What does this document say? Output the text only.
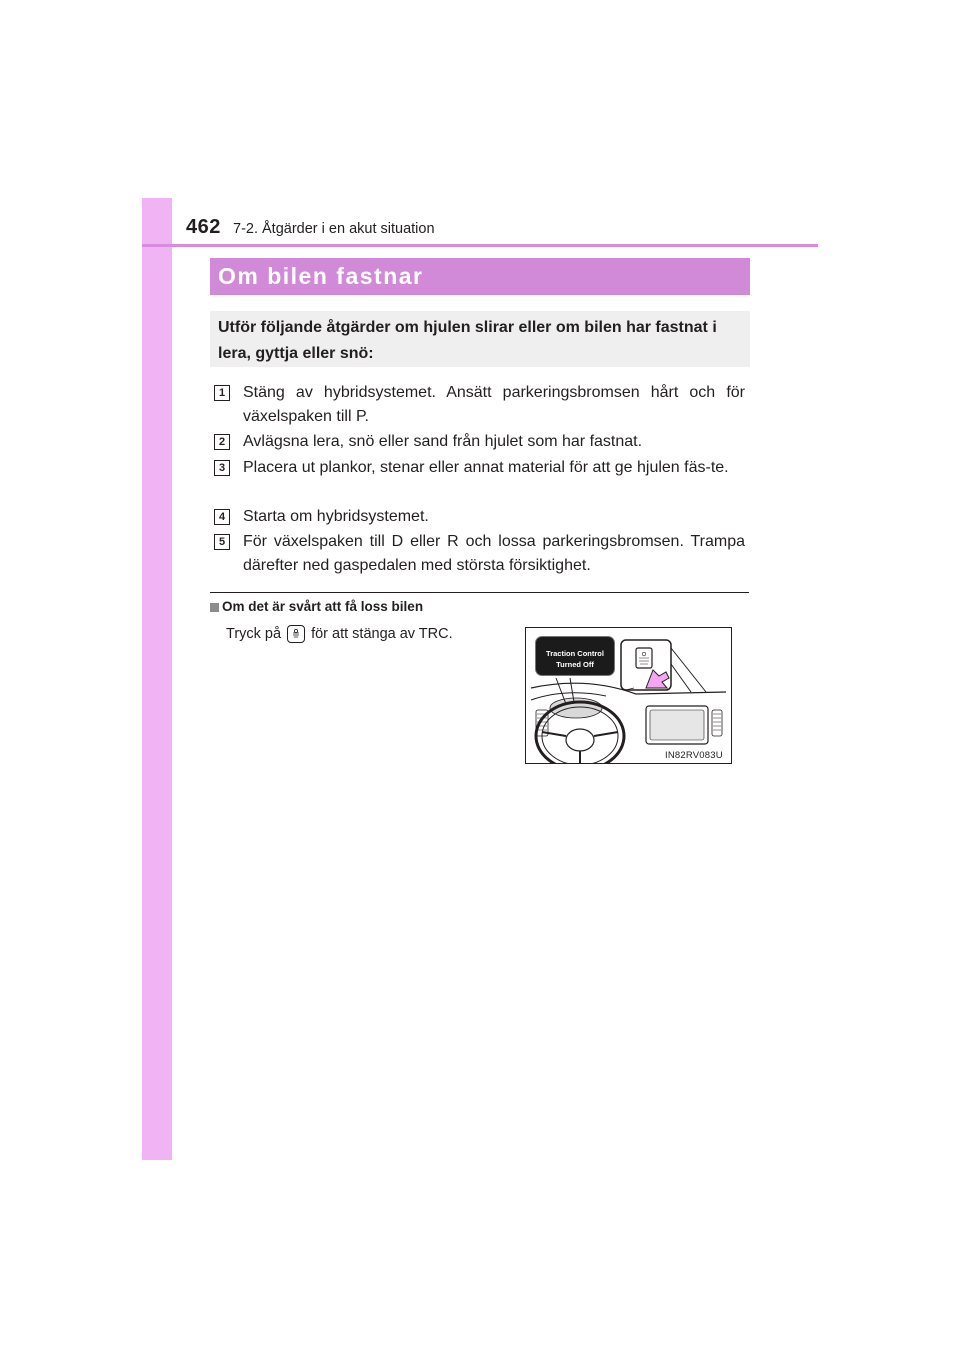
462 7-2. Åtgärder i en akut situation
Om bilen fastnar
Utför följande åtgärder om hjulen slirar eller om bilen har fastnat i lera, gyttja eller snö:
1	Stäng av hybridsystemet. Ansätt parkeringsbromsen hårt och för växelspaken till P.
2	Avlägsna lera, snö eller sand från hjulet som har fastnat.
3	Placera ut plankor, stenar eller annat material för att ge hjulen fäs-te.
4	Starta om hybridsystemet.
5	För växelspaken till D eller R och lossa parkeringsbromsen. Trampa därefter ned gaspedalen med största försiktighet.
Om det är svårt att få loss bilen
Tryck på för att stänga av TRC.
Traction Control
Turned Off
IN82RV083U
